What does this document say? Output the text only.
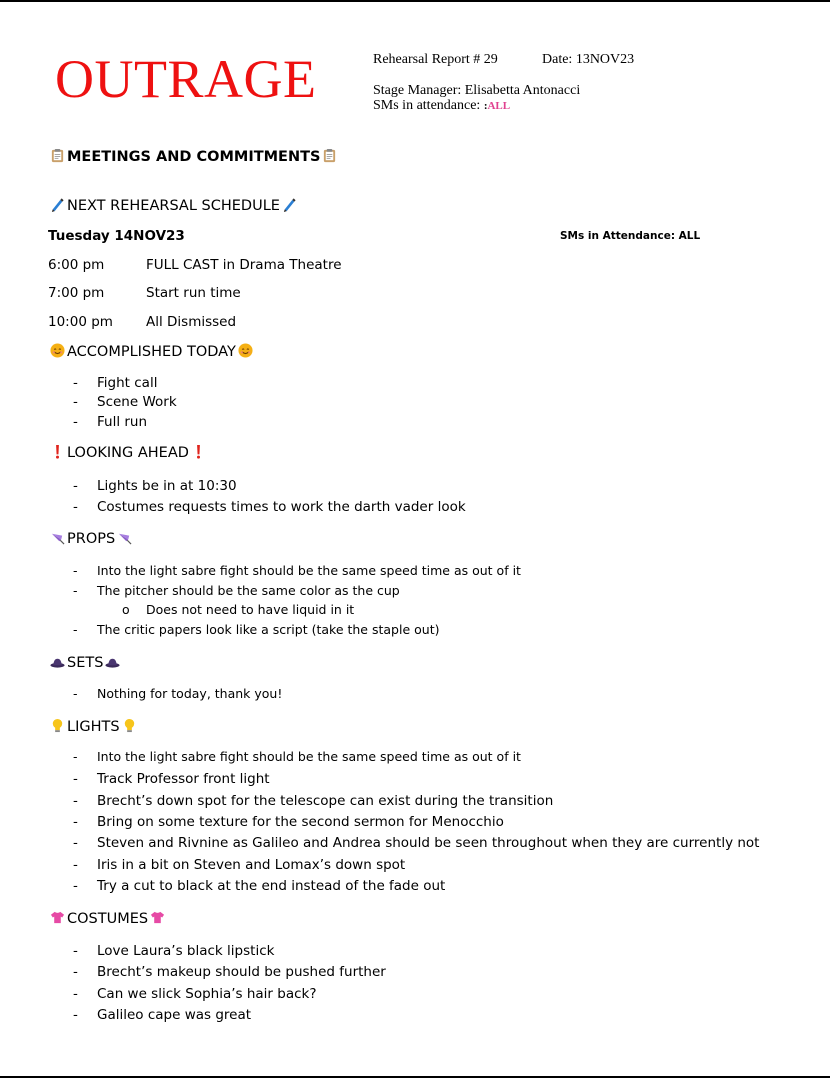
OUTRAGE	Rehearsal Report # 29	Date: 13NOV23
Stage Manager: Elisabetta Antonacci
SMs in attendance: :ALL
MEETINGS AND COMMITMENTS
NEXT REHEARSAL SCHEDULE
Tuesday 14NOV23	SMs in Attendance: ALL
6:00 pm	FULL CAST in Drama Theatre
7:00 pm	Start run time
10:00 pm All Dismissed
ACCOMPLISHED TODAY
- Fight call
- Scene Work
- Full run
LOOKING AHEAD
- Lights be in at 10:30
- Costumes requests times to work the darth vader look
PROPS
- Into the light sabre fight should be the same speed time as out of it
- The pitcher should be the same color as the cup
o Does not need to have liquid in it
- The critic papers look like a script (take the staple out)
SETS
- Nothing for today, thank you!
LIGHTS
- Into the light sabre fight should be the same speed time as out of it
- Track Professor front light
- Brecht’s down spot for the telescope can exist during the transition
- Bring on some texture for the second sermon for Menocchio
- Steven and Rivnine as Galileo and Andrea should be seen throughout when they are currently not
- Iris in a bit on Steven and Lomax’s down spot
- Try a cut to black at the end instead of the fade out
COSTUMES
- Love Laura’s black lipstick
- Brecht’s makeup should be pushed further
- Can we slick Sophia’s hair back?
- Galileo cape was great
